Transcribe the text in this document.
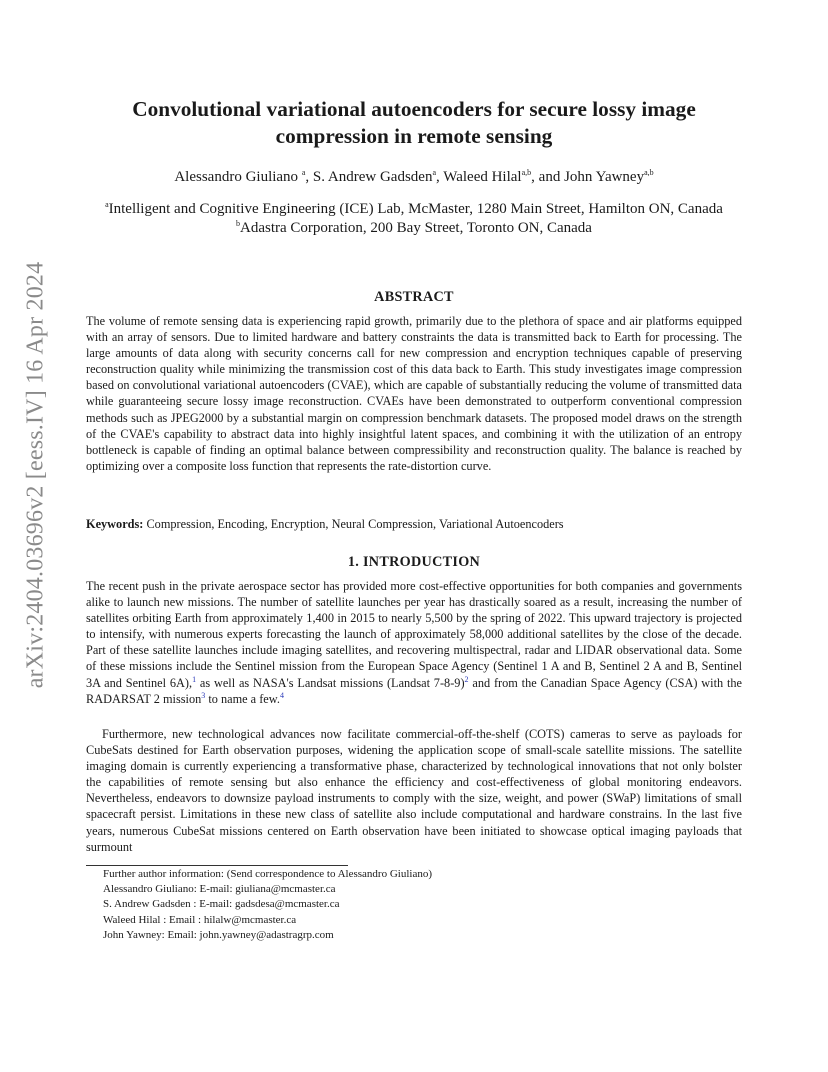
arXiv:2404.03696v2 [eess.IV] 16 Apr 2024
Convolutional variational autoencoders for secure lossy image
compression in remote sensing
Alessandro Giuliano $^a$, S. Andrew Gadsden$^a$, Waleed Hilal$^{a,b}$, and John Yawney$^{a,b}$
$^a$Intelligent and Cognitive Engineering (ICE) Lab, McMaster, 1280 Main Street, Hamilton ON, Canada
$^b$Adastra Corporation, 200 Bay Street, Toronto ON, Canada
ABSTRACT
The volume of remote sensing data is experiencing rapid growth, primarily due to the plethora of space and air platforms equipped with an array of sensors. Due to limited hardware and battery constraints the data is transmitted back to Earth for processing. The large amounts of data along with security concerns call for new compression and encryption techniques capable of preserving reconstruction quality while minimizing the transmission cost of this data back to Earth. This study investigates image compression based on convolutional variational autoencoders (CVAE), which are capable of substantially reducing the volume of transmitted data while guaranteeing secure lossy image reconstruction. CVAEs have been demonstrated to outperform conventional compression methods such as JPEG2000 by a substantial margin on compression benchmark datasets. The proposed model draws on the strength of the CVAE's capability to abstract data into highly insightful latent spaces, and combining it with the utilization of an entropy bottleneck is capable of finding an optimal balance between compressibility and reconstruction quality. The balance is reached by optimizing over a composite loss function that represents the rate-distortion curve.
Keywords: Compression, Encoding, Encryption, Neural Compression, Variational Autoencoders
1. INTRODUCTION
The recent push in the private aerospace sector has provided more cost-effective opportunities for both companies and governments alike to launch new missions. The number of satellite launches per year has drastically soared as a result, increasing the number of satellites orbiting Earth from approximately 1,400 in 2015 to nearly 5,500 by the spring of 2022. This upward trajectory is projected to intensify, with numerous experts forecasting the launch of approximately 58,000 additional satellites by the close of the decade. Part of these satellite launches include imaging satellites, and recovering multispectral, radar and LIDAR observational data. Some of these missions include the Sentinel mission from the European Space Agency (Sentinel 1 A and B, Sentinel 2 A and B, Sentinel 3A and Sentinel 6A),$^1$ as well as NASA's Landsat missions (Landsat 7-8-9)$^2$ and from the Canadian Space Agency (CSA) with the RADARSAT 2 mission$^3$ to name a few.$^4$
Furthermore, new technological advances now facilitate commercial-off-the-shelf (COTS) cameras to serve as payloads for CubeSats destined for Earth observation purposes, widening the application scope of small-scale satellite missions. The satellite imaging domain is currently experiencing a transformative phase, characterized by technological innovations that not only bolster the capabilities of remote sensing but also enhance the efficiency and cost-effectiveness of global monitoring endeavors. Nevertheless, endeavors to downsize payload instruments to comply with the size, weight, and power (SWaP) limitations of small spacecraft persist. Limitations in these new class of satellite also include computational and hardware constrains. In the last five years, numerous CubeSat missions centered on Earth observation have been initiated to showcase optical imaging payloads that surmount
Further author information: (Send correspondence to Alessandro Giuliano)
Alessandro Giuliano: E-mail: giuliana@mcmaster.ca
S. Andrew Gadsden : E-mail: gadsdesa@mcmaster.ca
Waleed Hilal : Email : hilalw@mcmaster.ca
John Yawney: Email: john.yawney@adastragrp.com
